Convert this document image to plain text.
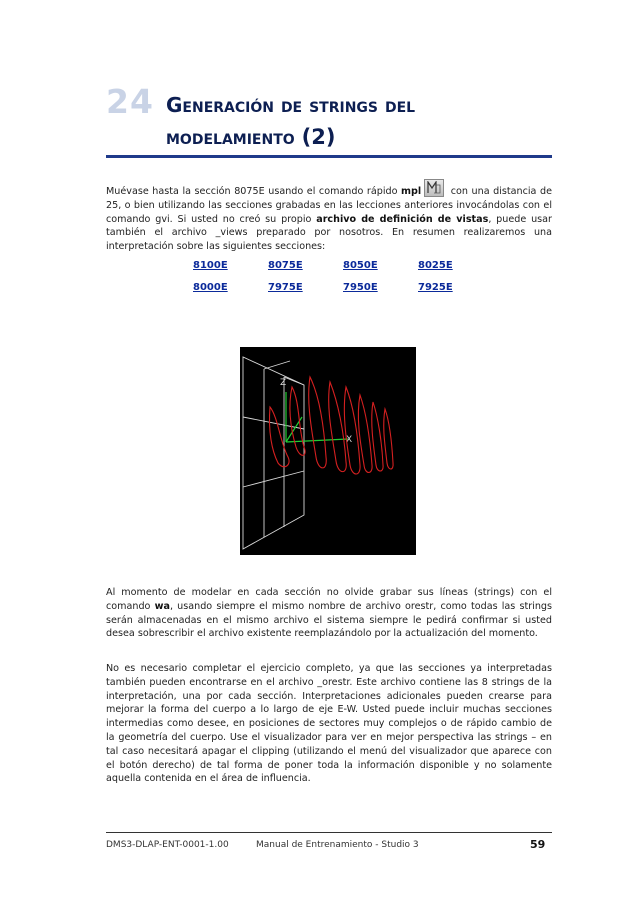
24 Generación de strings del
modelamiento (2)

Muévase hasta la sección 8075E usando el comando rápido mpl	con una distancia de 25, o bien utilizando las secciones grabadas en las lecciones anteriores invocándolas con el comando gvi. Si usted no creó su propio archivo de definición de vistas, puede usar también el archivo _views preparado por nosotros. En resumen realizaremos una interpretación sobre las siguientes secciones:

8100E	8075E	8050E	8025E
8000E	7975E	7950E	7925E
Z
X

Al momento de modelar en cada sección no olvide grabar sus líneas (strings) con el comando wa, usando siempre el mismo nombre de archivo orestr, como todas las strings serán almacenadas en el mismo archivo el sistema siempre le pedirá confirmar si usted desea sobrescribir el archivo existente reemplazándolo por la actualización del momento.

No es necesario completar el ejercicio completo, ya que las secciones ya interpretadas también pueden encontrarse en el archivo _orestr. Este archivo contiene las 8 strings de la interpretación, una por cada sección. Interpretaciones adicionales pueden crearse para mejorar la forma del cuerpo a lo largo de eje E-W. Usted puede incluir muchas secciones intermedias como desee, en posiciones de sectores muy complejos o de rápido cambio de la geometría del cuerpo. Use el visualizador para ver en mejor perspectiva las strings – en tal caso necesitará apagar el clipping (utilizando el menú del visualizador que aparece con el botón derecho) de tal forma de poner toda la información disponible y no solamente aquella contenida en el área de influencia.

DMS3-DLAP-ENT-0001-1.00	Manual de Entrenamiento - Studio 3	59
